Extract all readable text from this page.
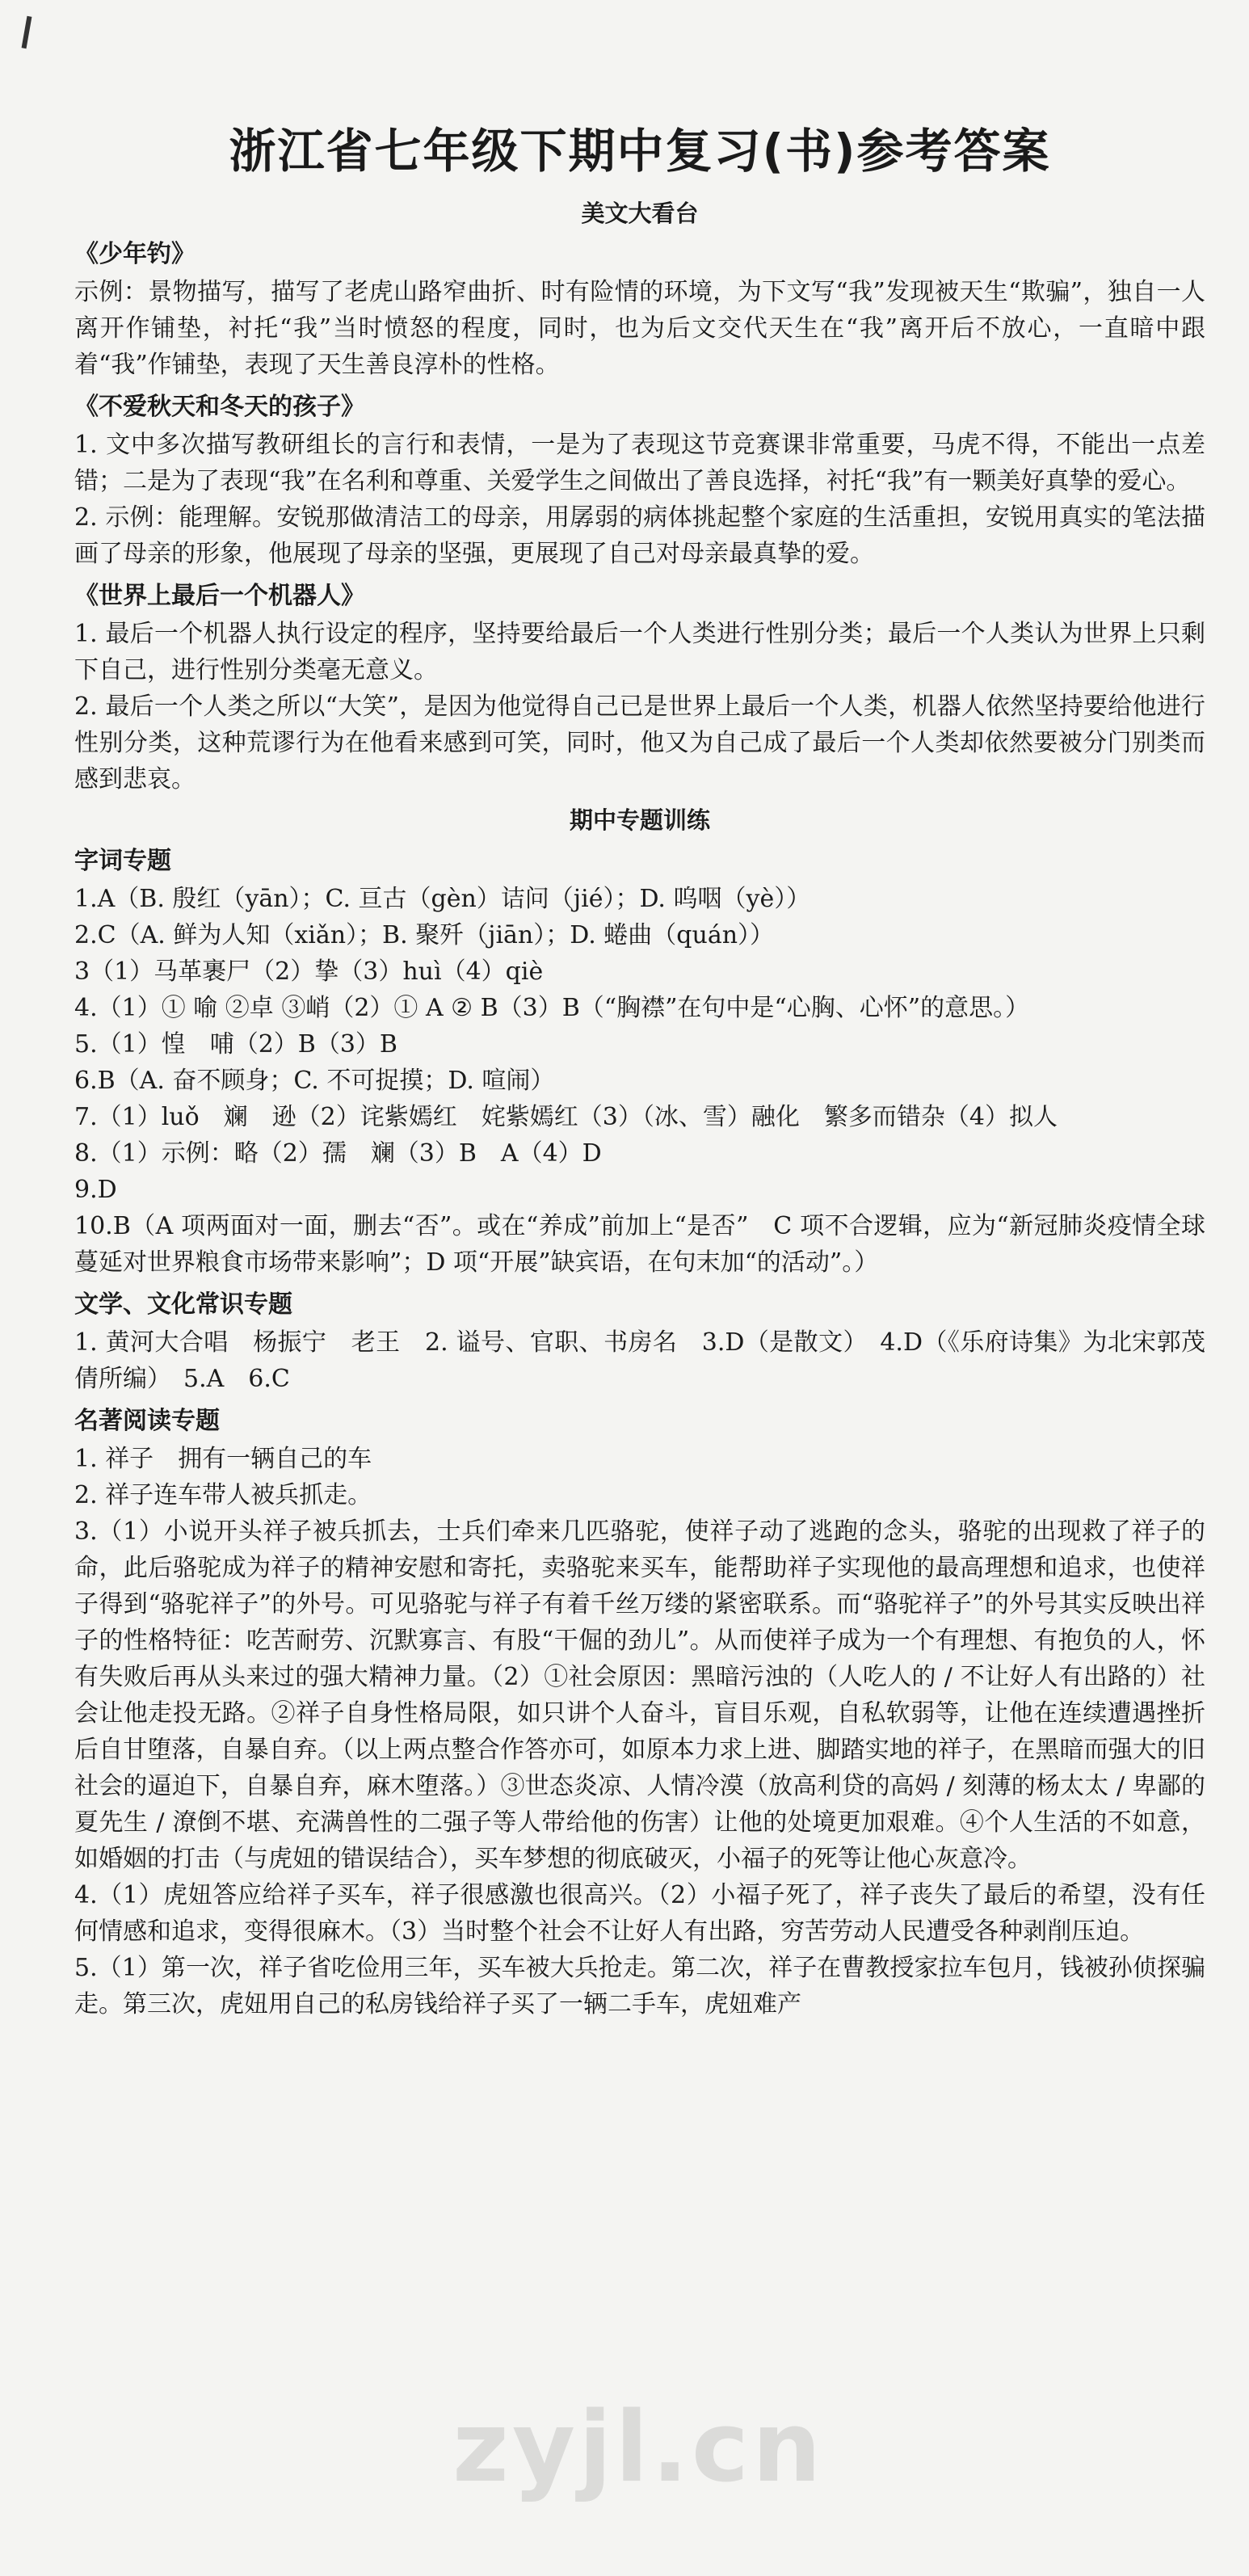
浙江省七年级下期中复习(书)参考答案
美文大看台
《少年钓》

示例：景物描写，描写了老虎山路窄曲折、时有险情的环境，为下文写“我”发现被天生“欺骗”，独自一人离开作铺垫，衬托“我”当时愤怒的程度，同时，也为后文交代天生在“我”离开后不放心，一直暗中跟着“我”作铺垫，表现了天生善良淳朴的性格。

《不爱秋天和冬天的孩子》

1. 文中多次描写教研组长的言行和表情，一是为了表现这节竞赛课非常重要，马虎不得，不能出一点差错；二是为了表现“我”在名利和尊重、关爱学生之间做出了善良选择，衬托“我”有一颗美好真挚的爱心。

2. 示例：能理解。安锐那做清洁工的母亲，用孱弱的病体挑起整个家庭的生活重担，安锐用真实的笔法描画了母亲的形象，他展现了母亲的坚强，更展现了自己对母亲最真挚的爱。

《世界上最后一个机器人》

1. 最后一个机器人执行设定的程序，坚持要给最后一个人类进行性别分类；最后一个人类认为世界上只剩下自己，进行性别分类毫无意义。

2. 最后一个人类之所以“大笑”，是因为他觉得自己已是世界上最后一个人类，机器人依然坚持要给他进行性别分类，这种荒谬行为在他看来感到可笑，同时，他又为自己成了最后一个人类却依然要被分门别类而感到悲哀。

期中专题训练
字词专题

1.A（B. 殷红（yān）；C. 亘古（gèn）诘问（jié）；D. 呜咽（yè））

2.C（A. 鲜为人知（xiǎn）；B. 聚歼（jiān）；D. 蜷曲（quán））

3（1）马革裹尸（2）挚（3）huì（4）qiè

4.（1）① 喻 ②卓 ③峭（2）① A ② B（3）B（“胸襟”在句中是“心胸、心怀”的意思。）

5.（1）惶　哺（2）B（3）B

6.B（A. 奋不顾身；C. 不可捉摸；D. 喧闹）

7.（1）luǒ　斓　逊（2）诧紫嫣红　姹紫嫣红（3）（冰、雪）融化　繁多而错杂（4）拟人

8.（1）示例：略（2）孺　斓（3）B　A（4）D

9.D

10.B（A 项两面对一面，删去“否”。或在“养成”前加上“是否”　C 项不合逻辑，应为“新冠肺炎疫情全球蔓延对世界粮食市场带来影响”；D 项“开展”缺宾语，在句末加“的活动”。）

文学、文化常识专题

1. 黄河大合唱　杨振宁　老王　2. 谥号、官职、书房名　3.D（是散文）　4.D（《乐府诗集》为北宋郭茂倩所编）　5.A　6.C

名著阅读专题

1. 祥子　拥有一辆自己的车

2. 祥子连车带人被兵抓走。

3.（1）小说开头祥子被兵抓去，士兵们牵来几匹骆驼，使祥子动了逃跑的念头，骆驼的出现救了祥子的命，此后骆驼成为祥子的精神安慰和寄托，卖骆驼来买车，能帮助祥子实现他的最高理想和追求，也使祥子得到“骆驼祥子”的外号。可见骆驼与祥子有着千丝万缕的紧密联系。而“骆驼祥子”的外号其实反映出祥子的性格特征：吃苦耐劳、沉默寡言、有股“干倔的劲儿”。从而使祥子成为一个有理想、有抱负的人，怀有失败后再从头来过的强大精神力量。（2）①社会原因：黑暗污浊的（人吃人的 / 不让好人有出路的）社会让他走投无路。②祥子自身性格局限，如只讲个人奋斗，盲目乐观，自私软弱等，让他在连续遭遇挫折后自甘堕落，自暴自弃。（以上两点整合作答亦可，如原本力求上进、脚踏实地的祥子，在黑暗而强大的旧社会的逼迫下，自暴自弃，麻木堕落。）③世态炎凉、人情冷漠（放高利贷的高妈 / 刻薄的杨太太 / 卑鄙的夏先生 / 潦倒不堪、充满兽性的二强子等人带给他的伤害）让他的处境更加艰难。④个人生活的不如意，如婚姻的打击（与虎妞的错误结合），买车梦想的彻底破灭，小福子的死等让他心灰意冷。

4.（1）虎妞答应给祥子买车，祥子很感激也很高兴。（2）小福子死了，祥子丧失了最后的希望，没有任何情感和追求，变得很麻木。（3）当时整个社会不让好人有出路，穷苦劳动人民遭受各种剥削压迫。

5.（1）第一次，祥子省吃俭用三年，买车被大兵抢走。第二次，祥子在曹教授家拉车包月，钱被孙侦探骗走。第三次，虎妞用自己的私房钱给祥子买了一辆二手车，虎妞难产

zyjl.cn
